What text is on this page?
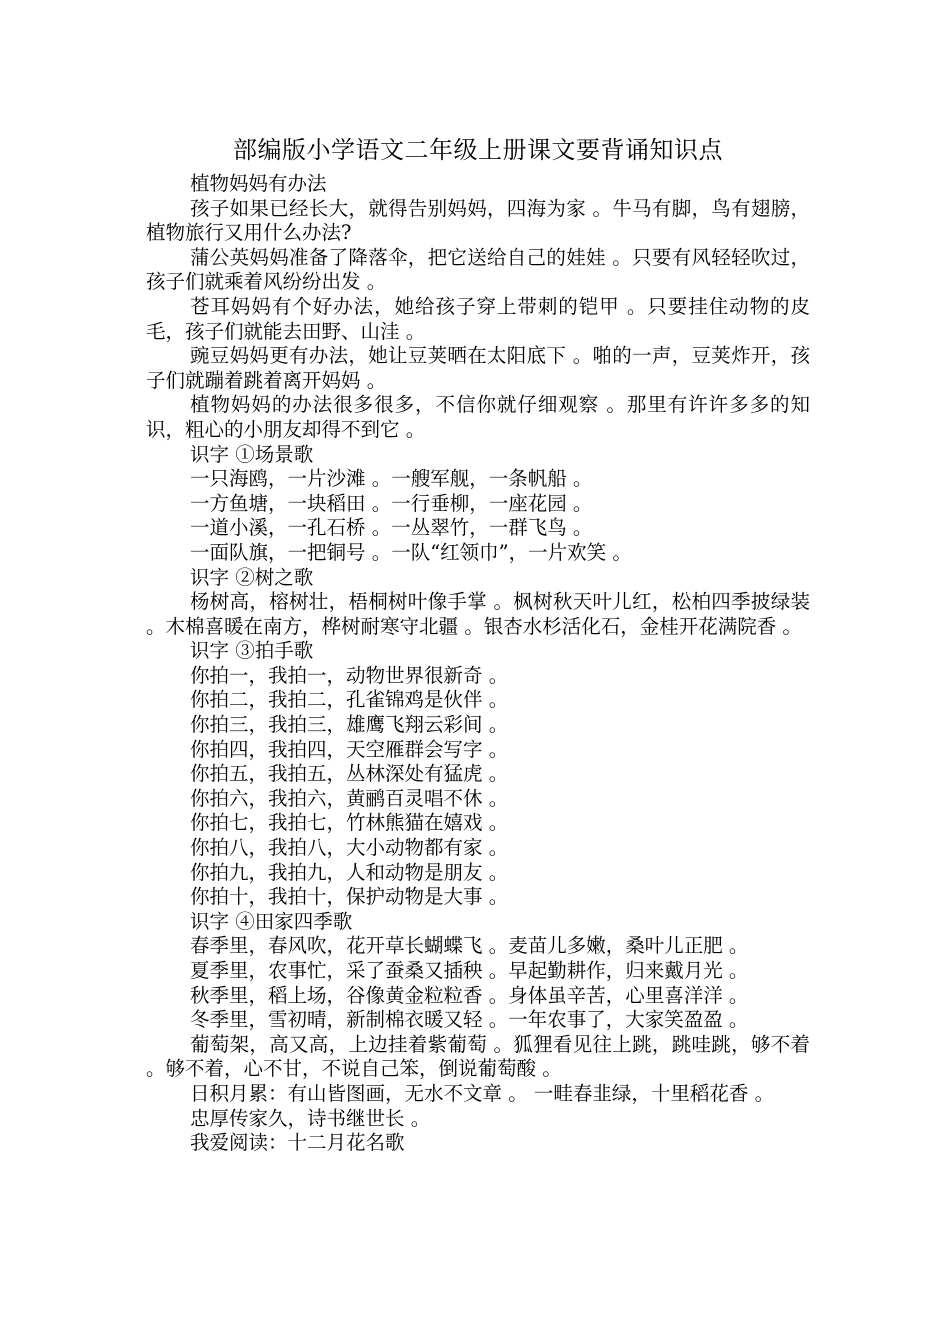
部编版小学语文二年级上册课文要背诵知识点

植物妈妈有办法

孩子如果已经长大，就得告别妈妈，四海为家 。牛马有脚，鸟有翅膀，植物旅行又用什么办法?

蒲公英妈妈准备了降落伞，把它送给自己的娃娃 。只要有风轻轻吹过，孩子们就乘着风纷纷出发 。

苍耳妈妈有个好办法，她给孩子穿上带刺的铠甲 。只要挂住动物的皮毛，孩子们就能去田野、山洼 。

豌豆妈妈更有办法，她让豆荚晒在太阳底下 。啪的一声，豆荚炸开，孩子们就蹦着跳着离开妈妈 。

植物妈妈的办法很多很多，不信你就仔细观察 。那里有许许多多的知识，粗心的小朋友却得不到它 。

识字 ①场景歌

一只海鸥，一片沙滩 。一艘军舰，一条帆船 。

一方鱼塘，一块稻田 。一行垂柳，一座花园 。

一道小溪，一孔石桥 。一丛翠竹，一群飞鸟 。

一面队旗，一把铜号 。一队“红领巾”，一片欢笑 。

识字 ②树之歌

杨树高，榕树壮，梧桐树叶像手掌 。枫树秋天叶儿红，松柏四季披绿装 。木棉喜暖在南方，桦树耐寒守北疆 。银杏水杉活化石，金桂开花满院香 。

识字 ③拍手歌

你拍一，我拍一，动物世界很新奇 。

你拍二，我拍二，孔雀锦鸡是伙伴 。

你拍三，我拍三，雄鹰飞翔云彩间 。

你拍四，我拍四，天空雁群会写字 。

你拍五，我拍五，丛林深处有猛虎 。

你拍六，我拍六，黄鹂百灵唱不休 。

你拍七，我拍七，竹林熊猫在嬉戏 。

你拍八，我拍八，大小动物都有家 。

你拍九，我拍九，人和动物是朋友 。

你拍十，我拍十，保护动物是大事 。

识字 ④田家四季歌

春季里，春风吹，花开草长蝴蝶飞 。麦苗儿多嫩，桑叶儿正肥 。

夏季里，农事忙，采了蚕桑又插秧 。早起勤耕作，归来戴月光 。

秋季里，稻上场，谷像黄金粒粒香 。身体虽辛苦，心里喜洋洋 。

冬季里，雪初晴，新制棉衣暖又轻 。一年农事了，大家笑盈盈 。

葡萄架，高又高，上边挂着紫葡萄 。狐狸看见往上跳，跳哇跳，够不着 。够不着，心不甘，不说自己笨，倒说葡萄酸 。

日积月累：有山皆图画，无水不文章 。 一畦春韭绿，十里稻花香 。

忠厚传家久，诗书继世长 。

我爱阅读：十二月花名歌
